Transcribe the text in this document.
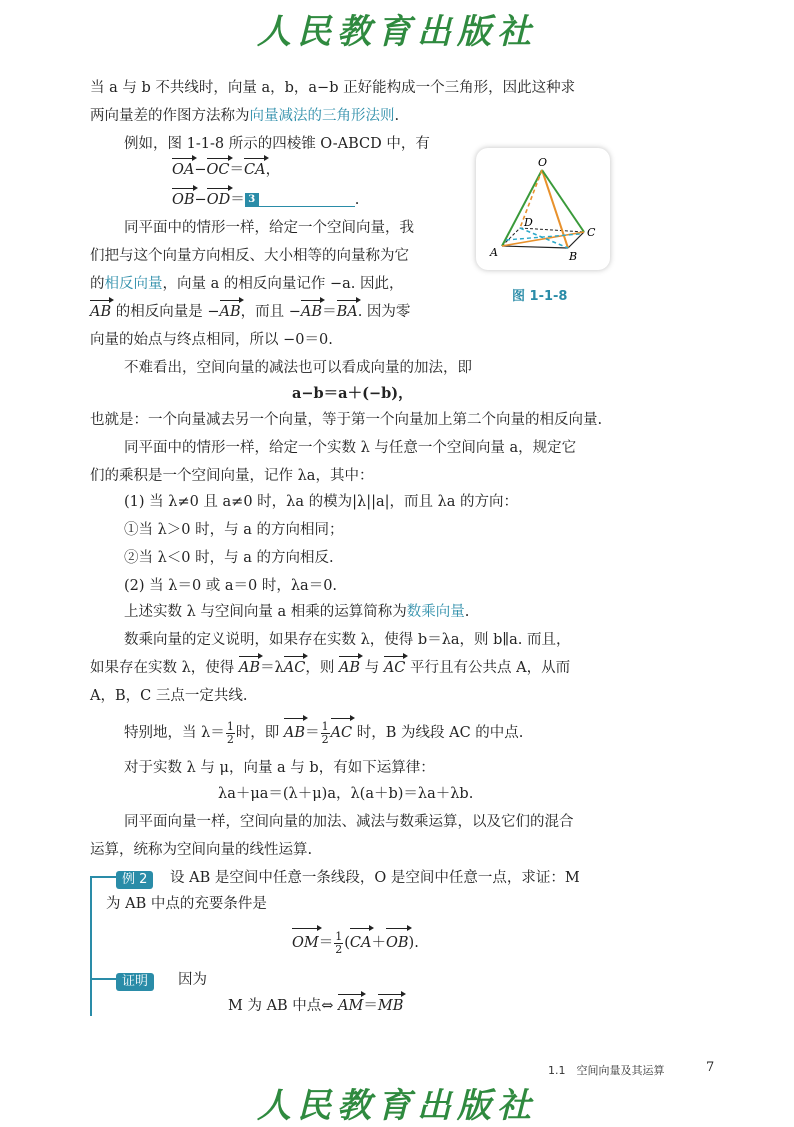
人民教育出版社
当 a 与 b 不共线时，向量 a，b，a−b 正好能构成一个三角形，因此这种求
两向量差的作图方法称为向量减法的三角形法则.
例如，图 1-1-8 所示的四棱锥 O-ABCD 中，有
OA−OC＝CA，
OB−OD＝ 3	.
O
A	B
C
D
图 1-1-8
同平面中的情形一样，给定一个空间向量，我
们把与这个向量方向相反、大小相等的向量称为它
的相反向量，向量 a 的相反向量记作 −a. 因此，
AB 的相反向量是 −AB，而且 −AB＝BA. 因为零
向量的始点与终点相同，所以 −0＝0.
不难看出，空间向量的减法也可以看成向量的加法，即
a−b＝a＋(−b)，
也就是：一个向量减去另一个向量，等于第一个向量加上第二个向量的相反向量.
同平面中的情形一样，给定一个实数 λ 与任意一个空间向量 a，规定它
们的乘积是一个空间向量，记作 λa，其中：
(1) 当 λ≠0 且 a≠0 时，λa 的模为|λ||a|，而且 λa 的方向：
①当 λ＞0 时，与 a 的方向相同；
②当 λ＜0 时，与 a 的方向相反.
(2) 当 λ＝0 或 a＝0 时，λa＝0.
上述实数 λ 与空间向量 a 相乘的运算简称为数乘向量.
数乘向量的定义说明，如果存在实数 λ，使得 b＝λa，则 b∥a. 而且，
如果存在实数 λ，使得 AB＝λAC，则 AB 与 AC 平行且有公共点 A，从而
A，B，C 三点一定共线.
特别地，当 $\lambda= \frac{1}{2}$ 时，即 $AB= \frac{1}{2}$ AC 时，B 为线段 AC 的中点.
对于实数 λ 与 μ，向量 a 与 b，有如下运算律：
λa＋μa＝(λ＋μ)a，λ(a＋b)＝λa＋λb.
同平面向量一样，空间向量的加法、减法与数乘运算，以及它们的混合
运算，统称为空间向量的线性运算.
例 2	设 AB 是空间中任意一条线段，O 是空间中任意一点，求证：M
为 AB 中点的充要条件是
$OM= \frac{1}{2} (CA+OB)$.
证明	因为
M 为 AB 中点⇔ AM＝MB
1.1　空间向量及其运算	7
人民教育出版社
